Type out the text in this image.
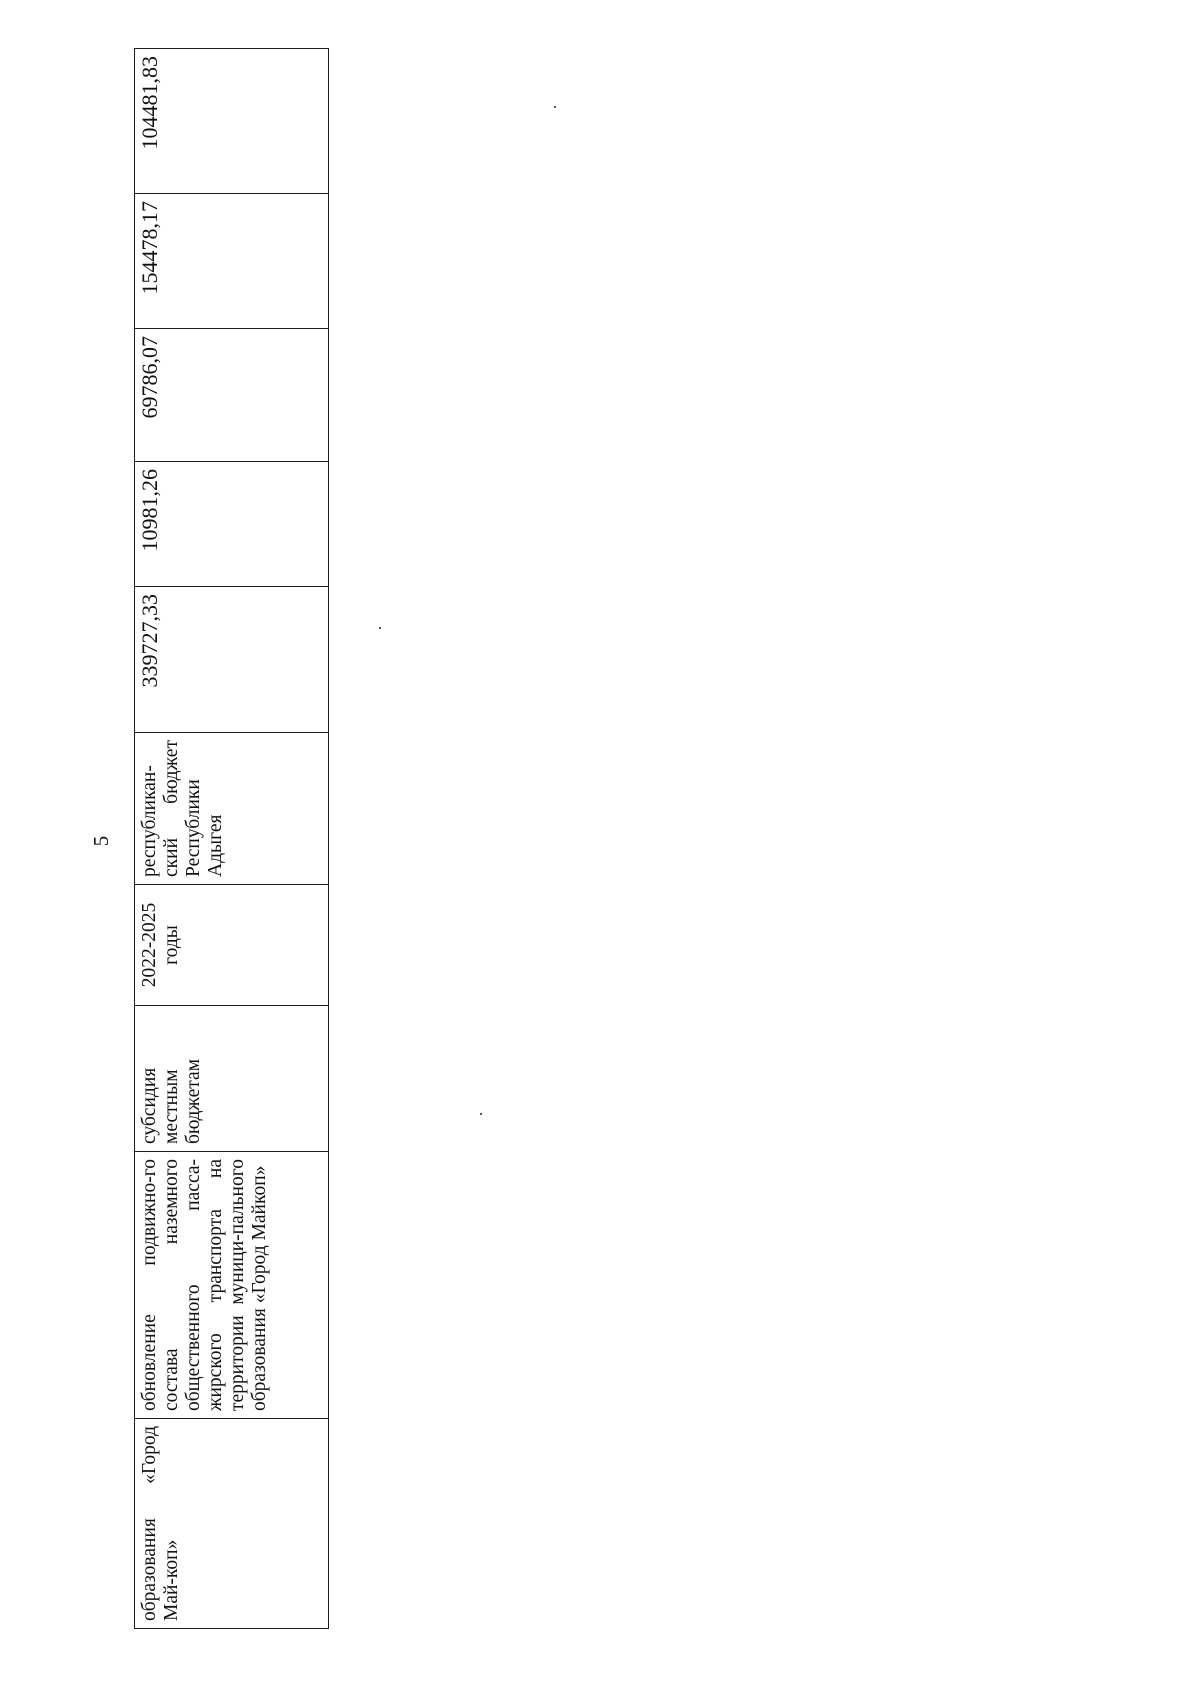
5
образования «Город Май-коп»	обновление подвижно-го состава наземного общественного пасса-жирского транспорта на территории муници-пального образования «Город Майкоп»	субсидия местным бюджетам	2022-2025 годы	республикан-ский бюджет Республики Адыгея	339727,33	10981,26	69786,07	154478,17	104481,83
